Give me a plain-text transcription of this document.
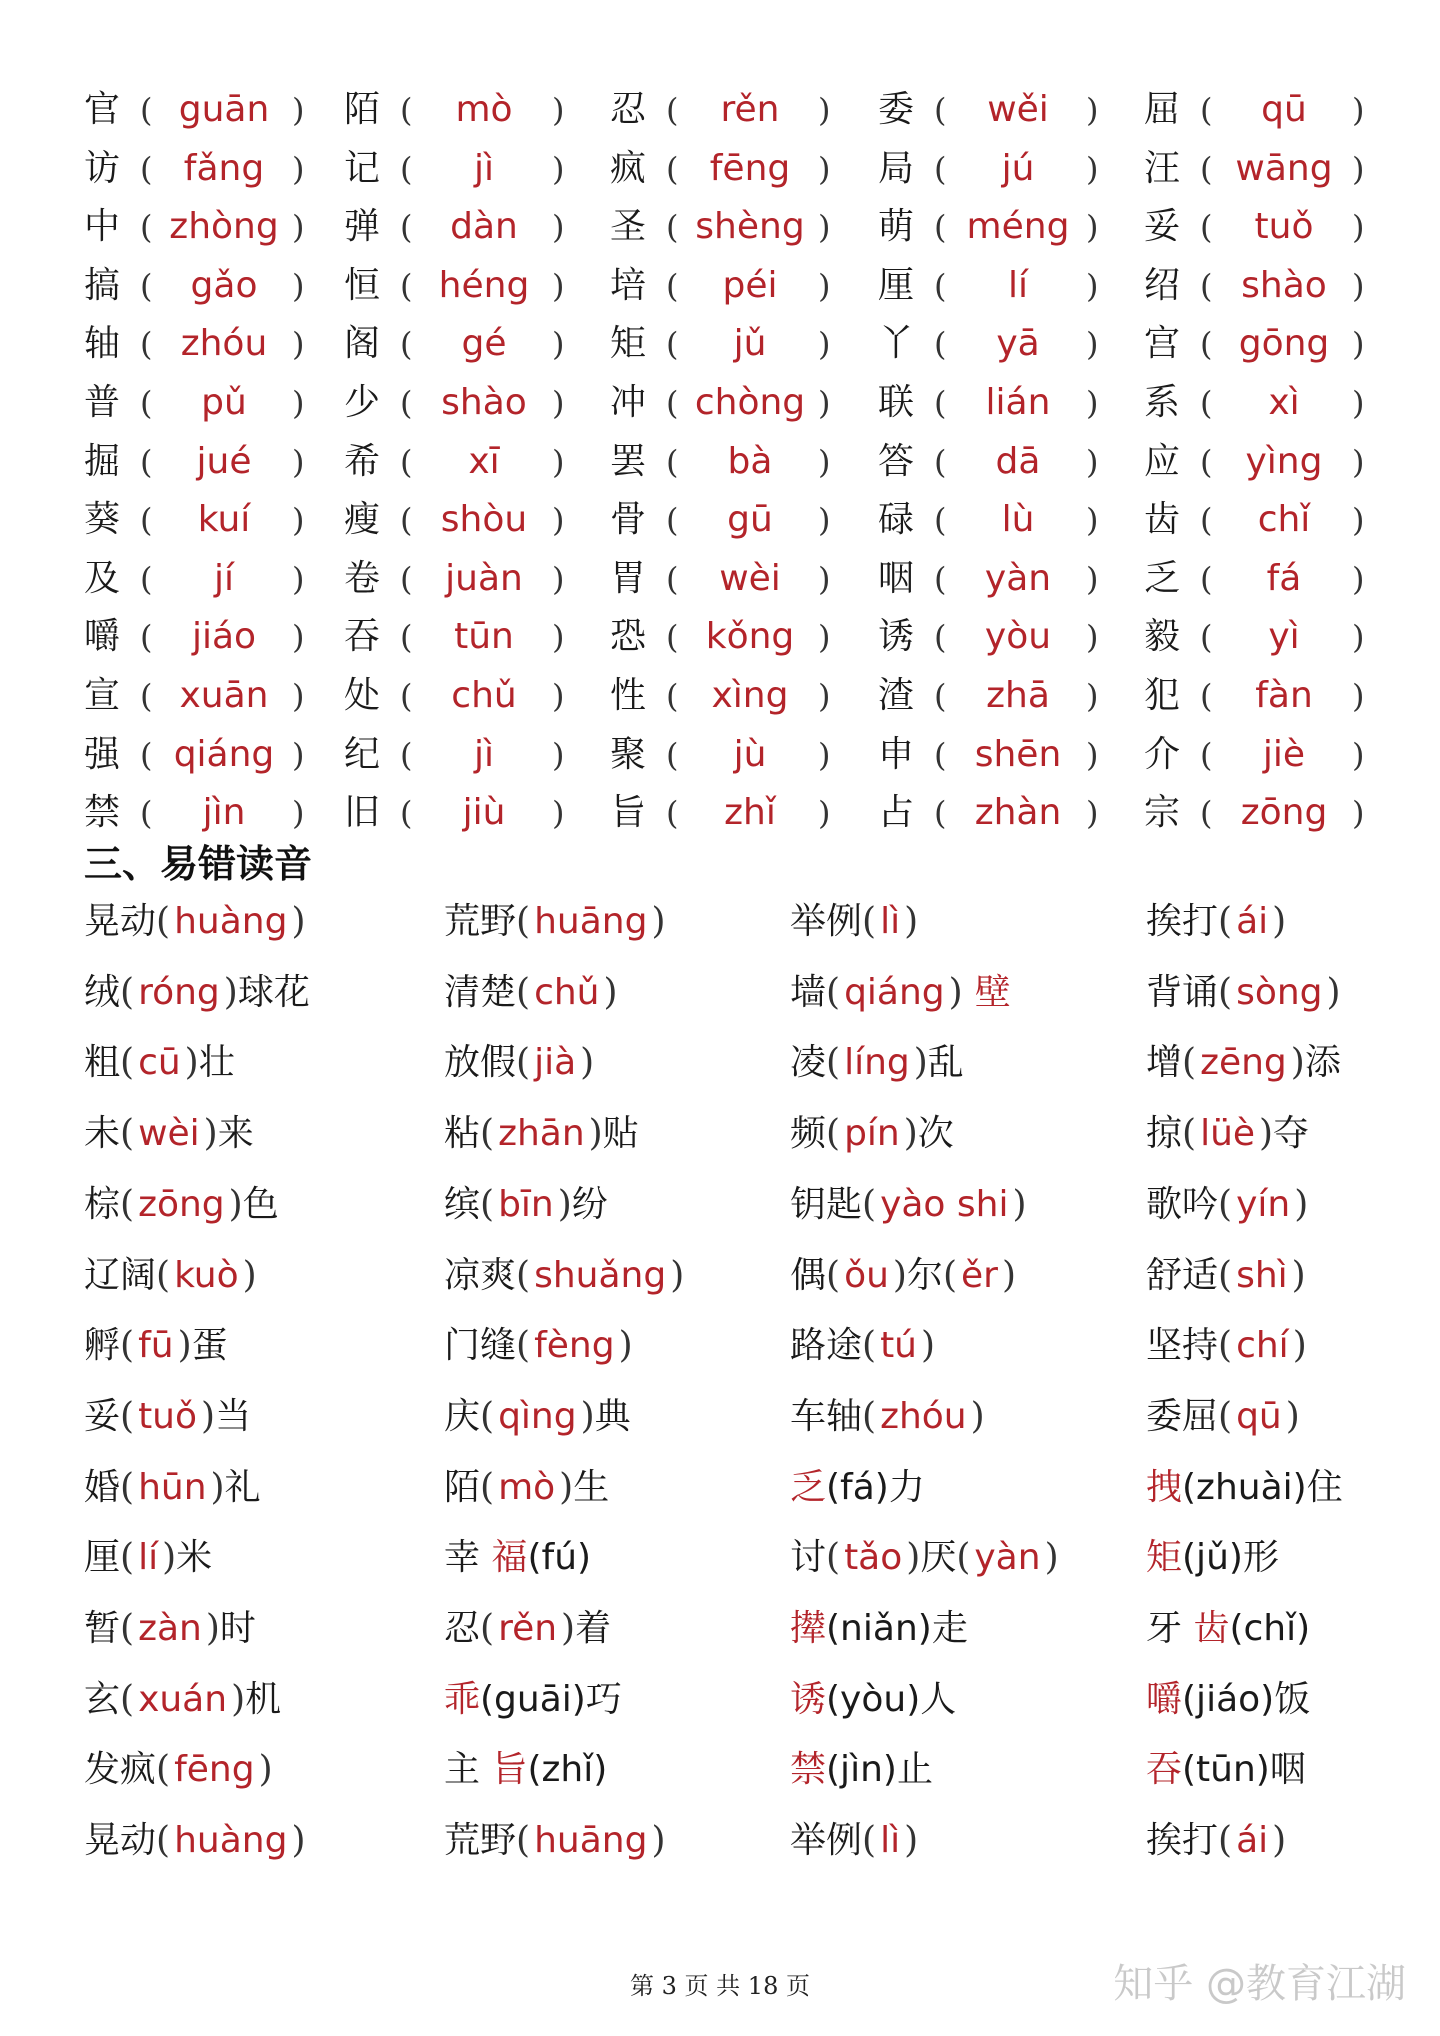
官 ( guān ) 陌 (	mò	) 忍 (	rěn	) 委 (	wěi	) 屈 (	qū	)
访 ( fǎng ) 记 (	jì	) 疯 ( fēng ) 局 (	jú	) 汪 ( wāng )
中 ( zhòng ) 弹 (	dàn	) 圣 ( shèng ) 萌 ( méng ) 妥 (	tuǒ	)
搞 (	gǎo	) 恒 ( héng ) 培 (	péi	) 厘 (	lí	) 绍 ( shào )
轴 ( zhóu ) 阁 (	gé	) 矩 (	jǔ	) 丫 (	yā	) 宫 ( gōng )
普 (	pǔ	) 少 ( shào ) 冲 ( chòng ) 联 (	lián	) 系 (	xì	)
掘 (	jué	) 希 (	xī	) 罢 (	bà	) 答 (	dā	) 应 ( yìng )
葵 (	kuí	) 瘦 ( shòu ) 骨 (	gū	) 碌 (	lù	) 齿 (	chǐ	)
及 (	jí	) 卷 ( juàn ) 胃 (	wèi	) 咽 (	yàn	) 乏 (	fá	)
嚼 (	jiáo	) 吞 (	tūn	) 恐 ( kǒng ) 诱 (	yòu	) 毅 (	yì	)
宣 ( xuān ) 处 (	chǔ	) 性 ( xìng ) 渣 (	zhā	) 犯 (	fàn	)
强 ( qiáng ) 纪 (	jì	) 聚 (	jù	) 申 ( shēn ) 介 (	jiè	)
禁 (	jìn	) 旧 (	jiù	) 旨 (	zhǐ	) 占 ( zhàn ) 宗 ( zōng )
三、易错读音
晃动( huàng )	荒野( huāng )	举例( lì )	挨打( ái )
绒( róng )球花	清楚( chǔ )	墙( qiáng ) 壁	背诵( sòng )
粗( cū )壮	放假( jià )	凌( líng )乱	增( zēng )添
未( wèi )来	粘( zhān )贴	频( pín )次	掠( lüè )夺
棕( zōng )色	缤( bīn )纷	钥匙( yào shi )	歌吟( yín )
辽阔( kuò )	凉爽( shuǎng )	偶( ǒu )尔( ěr )	舒适( shì )
孵( fū )蛋	门缝( fèng )	路途( tú )	坚持( chí )
妥( tuǒ )当	庆( qìng )典	车轴( zhóu )	委屈( qū )
婚( hūn )礼	陌( mò )生	乏(fá)力	拽(zhuài)住
厘( lí )米	幸 福(fú)	讨( tǎo )厌( yàn ) 矩(jǔ)形
暂( zàn )时	忍( rěn )着	撵(niǎn)走	牙 齿(chǐ)
玄( xuán )机	乖(guāi)巧	诱(yòu)人	嚼(jiáo)饭
发疯( fēng )	主 旨(zhǐ)	禁(jìn)止	吞(tūn)咽
晃动( huàng )	荒野( huāng )	举例( lì )	挨打( ái )
第 3 页 共 18 页	知乎 @教育江湖
